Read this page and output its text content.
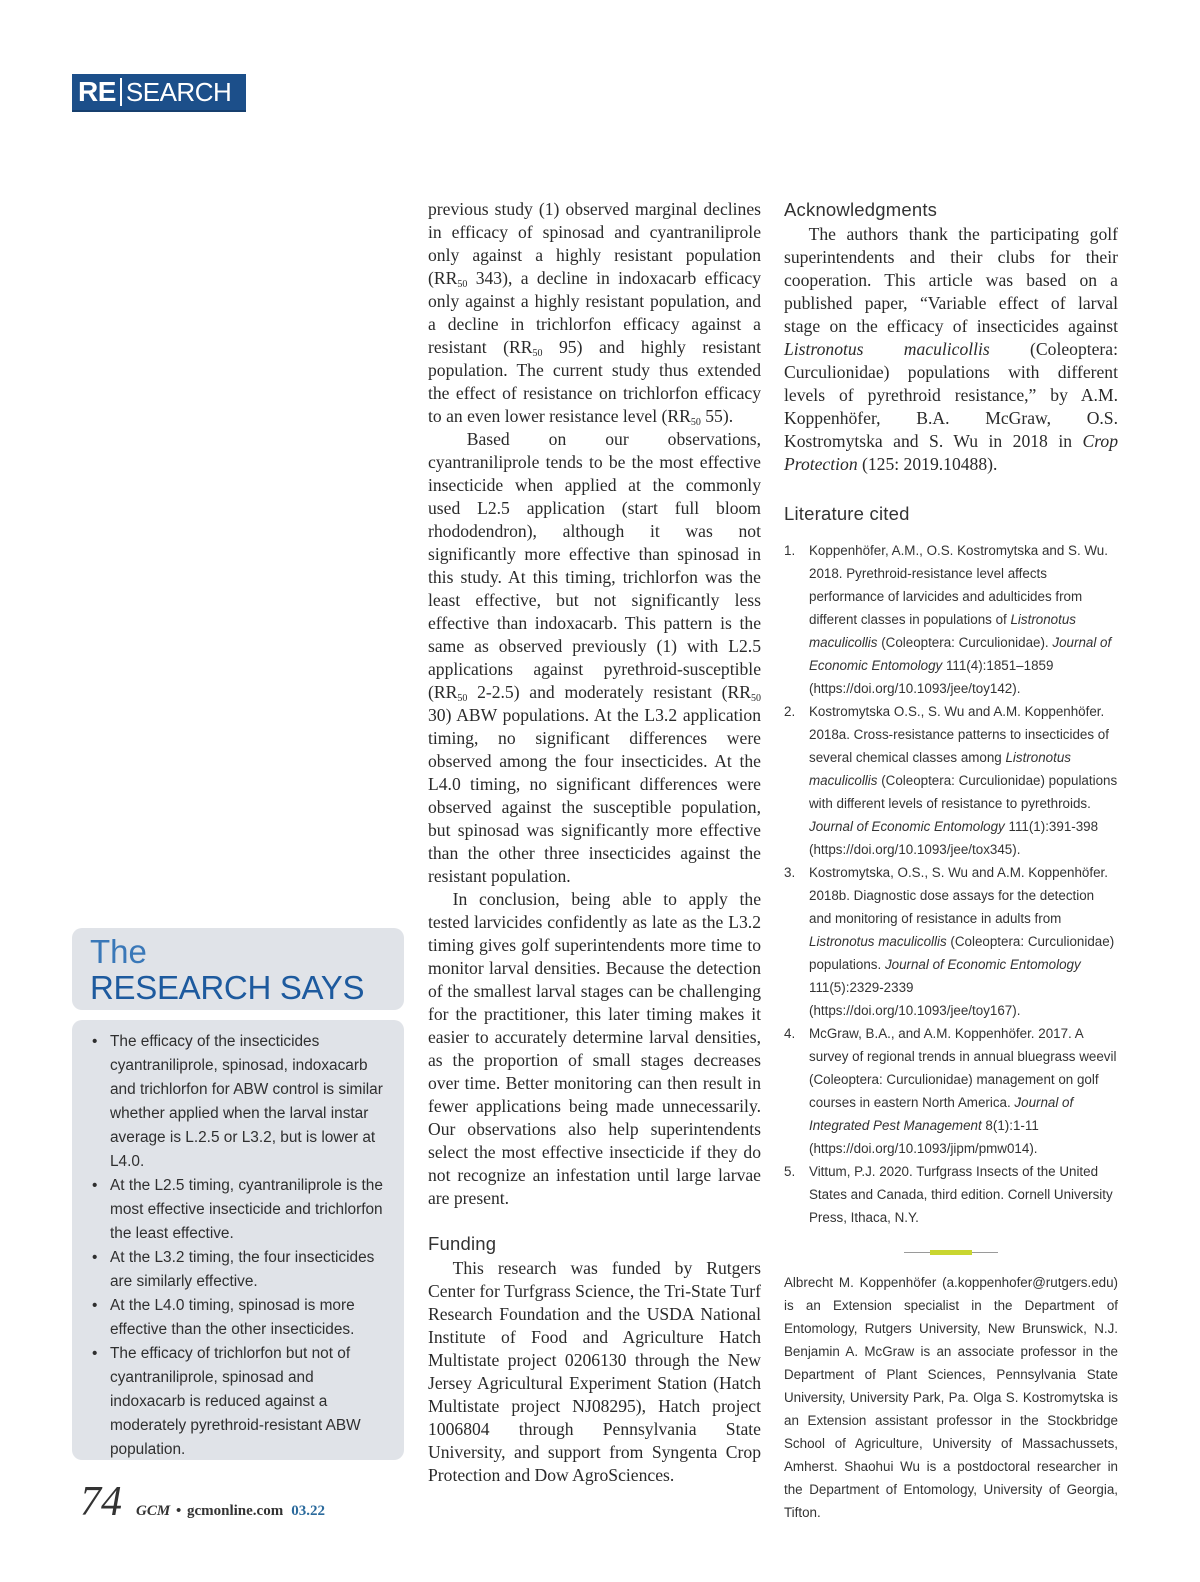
RE SEARCH

previous study (1) observed marginal declines in efficacy of spinosad and cyantraniliprole only against a highly resistant population ($RR_{50}$ 343), a decline in indoxacarb efficacy only against a highly resistant population, and a decline in trichlorfon efficacy against a resistant ($RR_{50}$ 95) and highly resistant population. The current study thus extended the effect of resistance on trichlorfon efficacy to an even lower resistance level ($RR_{50}$ 55).

Based on our observations, cyantraniliprole tends to be the most effective insecticide when applied at the commonly used L2.5 application (start full bloom rhododendron), although it was not significantly more effective than spinosad in this study. At this timing, trichlorfon was the least effective, but not significantly less effective than indoxacarb. This pattern is the same as observed previously (1) with L2.5 applications against pyrethroid-susceptible ($RR_{50}$ 2-2.5) and moderately resistant ($RR_{50}$ 30) ABW populations. At the L3.2 application timing, no significant differences were observed among the four insecticides. At the L4.0 timing, no significant differences were observed against the susceptible population, but spinosad was significantly more effective than the other three insecticides against the resistant population.

In conclusion, being able to apply the tested larvicides confidently as late as the L3.2 timing gives golf superintendents more time to monitor larval densities. Because the detection of the smallest larval stages can be challenging for the practitioner, this later timing makes it easier to accurately determine larval densities, as the proportion of small stages decreases over time. Better monitoring can then result in fewer applications being made unnecessarily. Our observations also help superintendents select the most effective insecticide if they do not recognize an infestation until large larvae are present.

Funding

This research was funded by Rutgers Center for Turfgrass Science, the Tri-State Turf Research Foundation and the USDA National Institute of Food and Agriculture Hatch Multistate project 0206130 through the New Jersey Agricultural Experiment Station (Hatch Multistate project NJ08295), Hatch project 1006804 through Pennsylvania State University, and support from Syngenta Crop Protection and Dow AgroSciences.

Acknowledgments

The authors thank the participating golf superintendents and their clubs for their cooperation. This article was based on a published paper, “Variable effect of larval stage on the efficacy of insecticides against Listronotus maculicollis (Coleoptera: Curculionidae) populations with different levels of pyrethroid resistance,” by A.M. Koppenhöfer, B.A. McGraw, O.S. Kostromytska and S. Wu in 2018 in Crop Protection (125: 2019.10488).

Literature cited
1. Koppenhöfer, A.M., O.S. Kostromytska and S. Wu. 2018. Pyrethroid-resistance level affects performance of larvicides and adulticides from different classes in populations of Listronotus maculicollis (Coleoptera: Curculionidae). Journal of Economic Entomology 111(4):1851–1859 (https://doi.org/10.1093/jee/toy142).
2. Kostromytska O.S., S. Wu and A.M. Koppenhöfer. 2018a. Cross-resistance patterns to insecticides of several chemical classes among Listronotus maculicollis (Coleoptera: Curculionidae) populations with different levels of resistance to pyrethroids. Journal of Economic Entomology 111(1):391-398 (https://doi.org/10.1093/jee/tox345).
3. Kostromytska, O.S., S. Wu and A.M. Koppenhöfer. 2018b. Diagnostic dose assays for the detection and monitoring of resistance in adults from Listronotus maculicollis (Coleoptera: Curculionidae) populations. Journal of Economic Entomology 111(5):2329-2339 (https://doi.org/10.1093/jee/toy167).
4. McGraw, B.A., and A.M. Koppenhöfer. 2017. A survey of regional trends in annual bluegrass weevil (Coleoptera: Curculionidae) management on golf courses in eastern North America. Journal of Integrated Pest Management 8(1):1-11 (https://doi.org/10.1093/jipm/pmw014).
5. Vittum, P.J. 2020. Turfgrass Insects of the United States and Canada, third edition. Cornell University Press, Ithaca, N.Y.

Albrecht M. Koppenhöfer (a.koppenhofer@rutgers.edu) is an Extension specialist in the Department of Entomology, Rutgers University, New Brunswick, N.J. Benjamin A. McGraw is an associate professor in the Department of Plant Sciences, Pennsylvania State University, University Park, Pa. Olga S. Kostromytska is an Extension assistant professor in the Stockbridge School of Agriculture, University of Massachussets, Amherst. Shaohui Wu is a postdoctoral researcher in the Department of Entomology, University of Georgia, Tifton.

The
RESEARCH SAYS
• The efficacy of the insecticides cyantraniliprole, spinosad, indoxacarb and trichlorfon for ABW control is similar whether applied when the larval instar average is L.2.5 or L3.2, but is lower at L4.0.
• At the L2.5 timing, cyantraniliprole is the most effective insecticide and trichlorfon the least effective.
• At the L3.2 timing, the four insecticides are similarly effective.
• At the L4.0 timing, spinosad is more effective than the other insecticides.
• The efficacy of trichlorfon but not of cyantraniliprole, spinosad and indoxacarb is reduced against a moderately pyrethroid-resistant ABW population.
74 GCM • gcmonline.com 03.22
